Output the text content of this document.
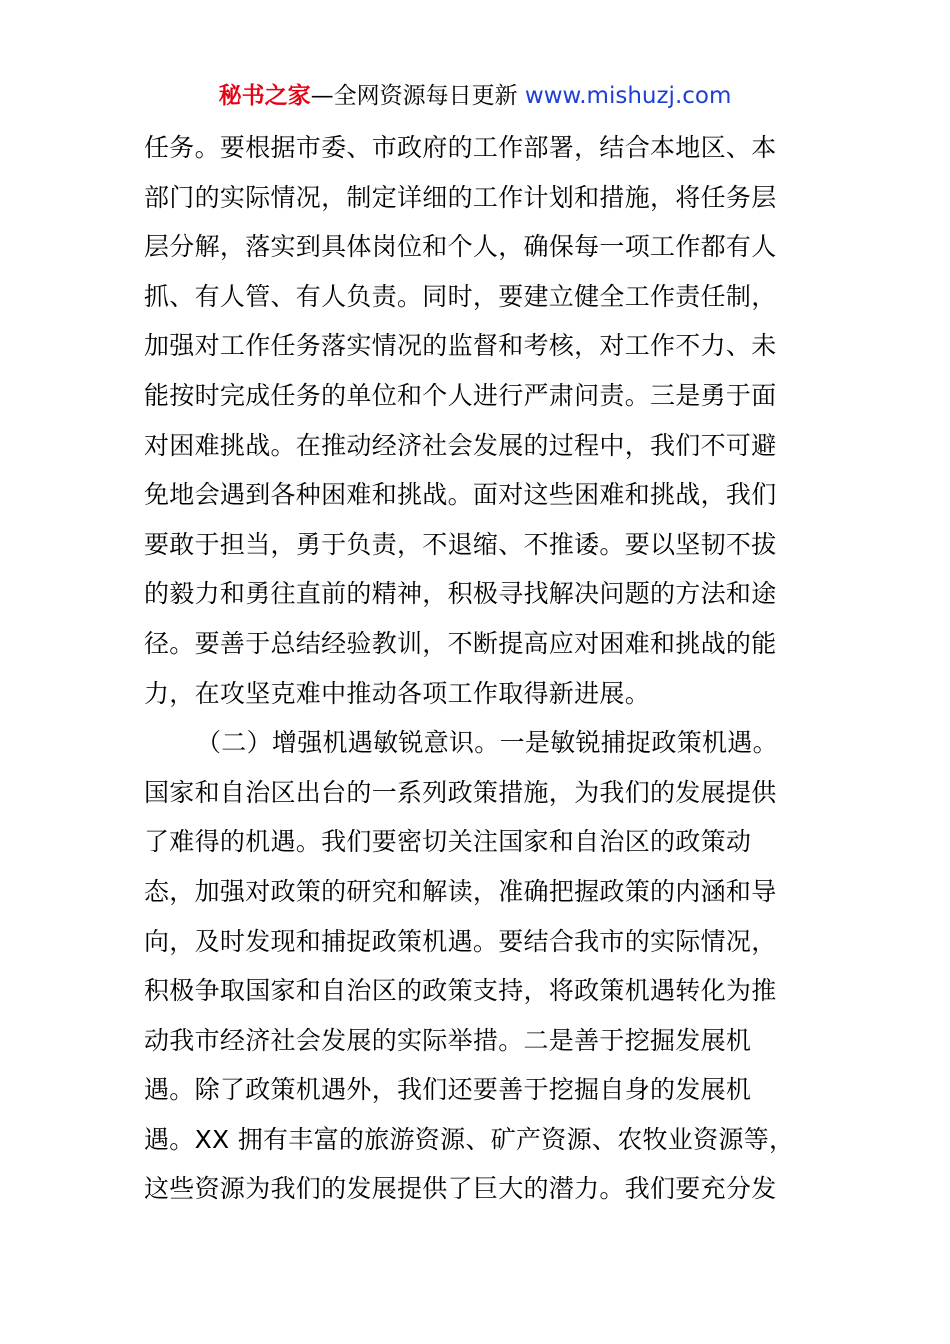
秘书之家—全网资源每日更新 www.mishuzj.com
任务。要根据市委、市政府的工作部署，结合本地区、本
部门的实际情况，制定详细的工作计划和措施，将任务层
层分解，落实到具体岗位和个人，确保每一项工作都有人
抓、有人管、有人负责。同时，要建立健全工作责任制，
加强对工作任务落实情况的监督和考核，对工作不力、未
能按时完成任务的单位和个人进行严肃问责。三是勇于面
对困难挑战。在推动经济社会发展的过程中，我们不可避
免地会遇到各种困难和挑战。面对这些困难和挑战，我们
要敢于担当，勇于负责，不退缩、不推诿。要以坚韧不拔
的毅力和勇往直前的精神，积极寻找解决问题的方法和途
径。要善于总结经验教训，不断提高应对困难和挑战的能
力，在攻坚克难中推动各项工作取得新进展。
（二）增强机遇敏锐意识。一是敏锐捕捉政策机遇。
国家和自治区出台的一系列政策措施，为我们的发展提供
了难得的机遇。我们要密切关注国家和自治区的政策动
态，加强对政策的研究和解读，准确把握政策的内涵和导
向，及时发现和捕捉政策机遇。要结合我市的实际情况，
积极争取国家和自治区的政策支持，将政策机遇转化为推
动我市经济社会发展的实际举措。二是善于挖掘发展机
遇。除了政策机遇外，我们还要善于挖掘自身的发展机
遇。XX 拥有丰富的旅游资源、矿产资源、农牧业资源等，
这些资源为我们的发展提供了巨大的潜力。我们要充分发
